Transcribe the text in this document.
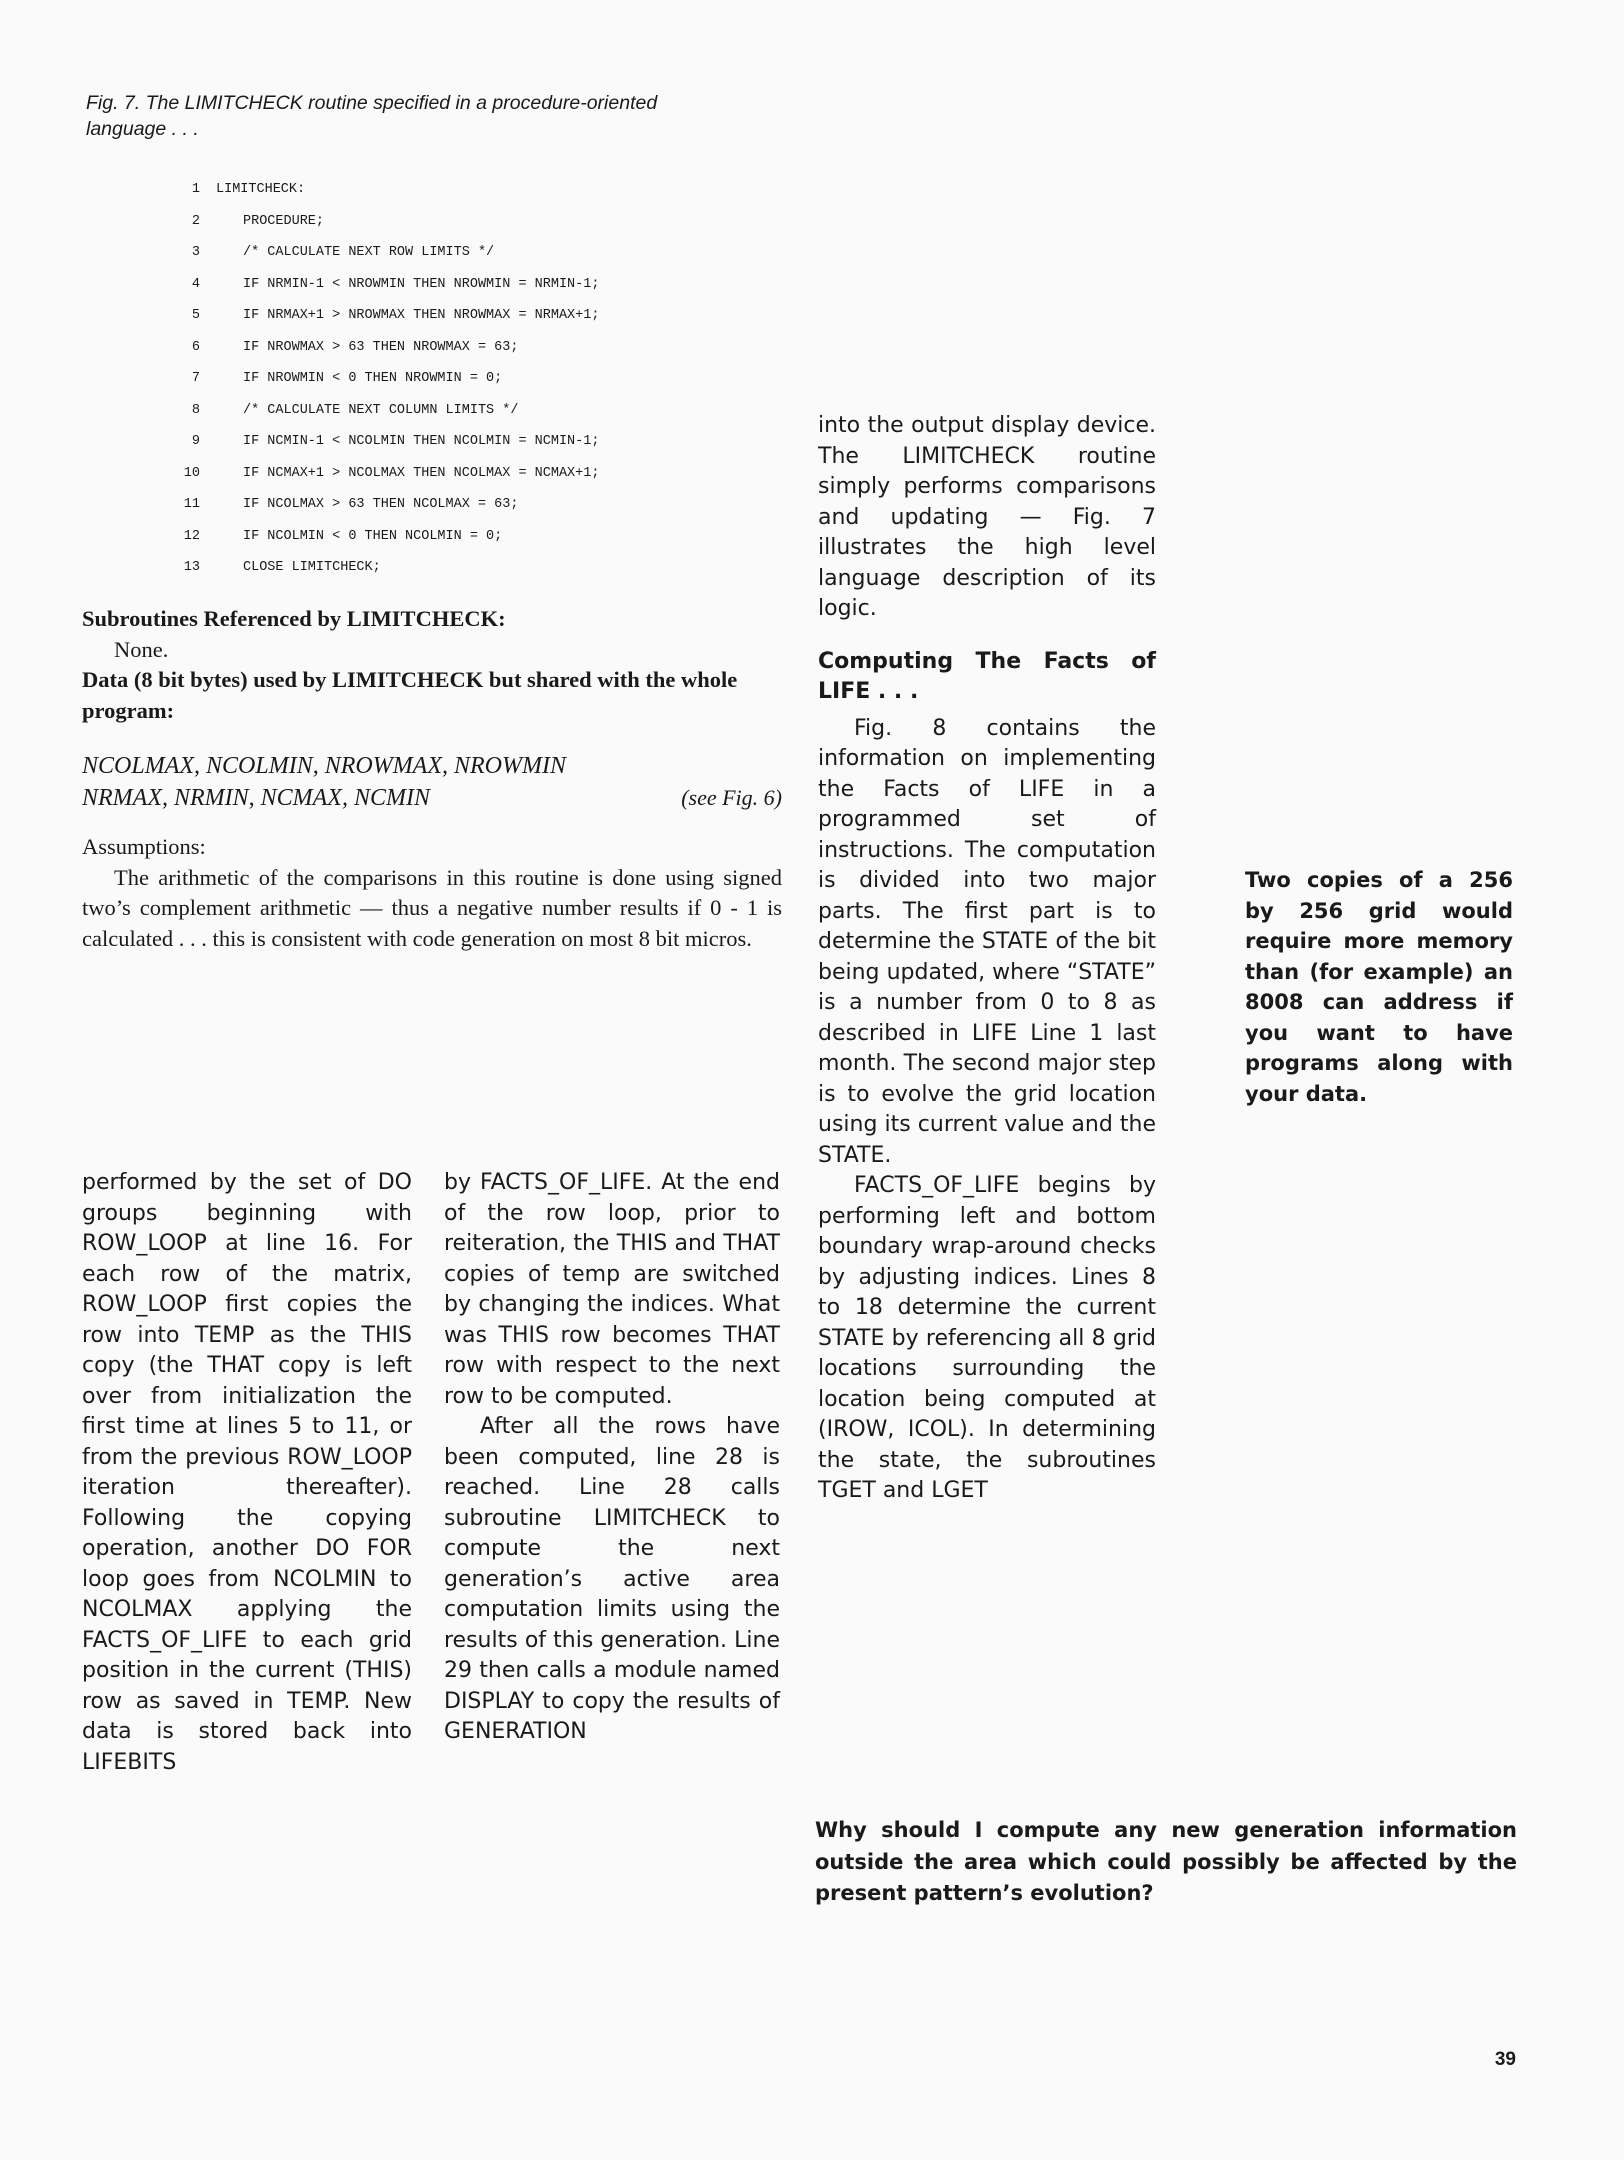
Fig. 7. The LIMITCHECK routine specified in a procedure-oriented
language . . .
1 LIMITCHECK:
2	PROCEDURE;
3	/* CALCULATE NEXT ROW LIMITS */
4	IF NRMIN-1 < NROWMIN THEN NROWMIN = NRMIN-1;
5	IF NRMAX+1 > NROWMAX THEN NROWMAX = NRMAX+1;
6	IF NROWMAX > 63 THEN NROWMAX = 63;
7	IF NROWMIN < 0 THEN NROWMIN = 0;
8	/* CALCULATE NEXT COLUMN LIMITS */
9	IF NCMIN-1 < NCOLMIN THEN NCOLMIN = NCMIN-1;
10	IF NCMAX+1 > NCOLMAX THEN NCOLMAX = NCMAX+1;
11	IF NCOLMAX > 63 THEN NCOLMAX = 63;
12	IF NCOLMIN < 0 THEN NCOLMIN = 0;
13	CLOSE LIMITCHECK;
Subroutines Referenced by LIMITCHECK:
None.
Data (8 bit bytes) used by LIMITCHECK but shared with the whole program:
NCOLMAX, NCOLMIN, NROWMAX, NROWMIN
NRMAX, NRMIN, NCMAX, NCMIN	(see Fig. 6)

Assumptions:

The arithmetic of the comparisons in this routine is done using signed two’s complement arithmetic — thus a negative number results if 0 - 1 is calculated . . . this is consistent with code generation on most 8 bit micros.

performed by the set of DO groups beginning with ROW_LOOP at line 16. For each row of the matrix, ROW_LOOP first copies the row into TEMP as the THIS copy (the THAT copy is left over from initialization the first time at lines 5 to 11, or from the previous ROW_LOOP iteration thereafter). Following the copying operation, another DO FOR loop goes from NCOLMIN to NCOLMAX applying the FACTS_OF_LIFE to each grid position in the current (THIS) row as saved in TEMP. New data is stored back into LIFEBITS

by FACTS_OF_LIFE. At the end of the row loop, prior to reiteration, the THIS and THAT copies of temp are switched by changing the indices. What was THIS row becomes THAT row with respect to the next row to be computed.

After all the rows have been computed, line 28 is reached. Line 28 calls subroutine LIMITCHECK to compute the next generation’s active area computation limits using the results of this generation. Line 29 then calls a module named DISPLAY to copy the results of GENERATION

into the output display device. The LIMITCHECK routine simply performs comparisons and updating — Fig. 7 illustrates the high level language description of its logic.

Computing The Facts of LIFE . . .

Fig. 8 contains the information on implementing the Facts of LIFE in a programmed set of instructions. The computation is divided into two major parts. The first part is to determine the STATE of the bit being updated, where “STATE” is a number from 0 to 8 as described in LIFE Line 1 last month. The second major step is to evolve the grid location using its current value and the STATE.

FACTS_OF_LIFE begins by performing left and bottom boundary wrap-around checks by adjusting indices. Lines 8 to 18 determine the current STATE by referencing all 8 grid locations surrounding the location being computed at (IROW, ICOL). In determining the state, the subroutines TGET and LGET

Two copies of a 256 by 256 grid would require more memory than (for example) an 8008 can address if you want to have programs along with your data.
Why should I compute any new generation information outside the area which could possibly be affected by the present pattern’s evolution?
39
